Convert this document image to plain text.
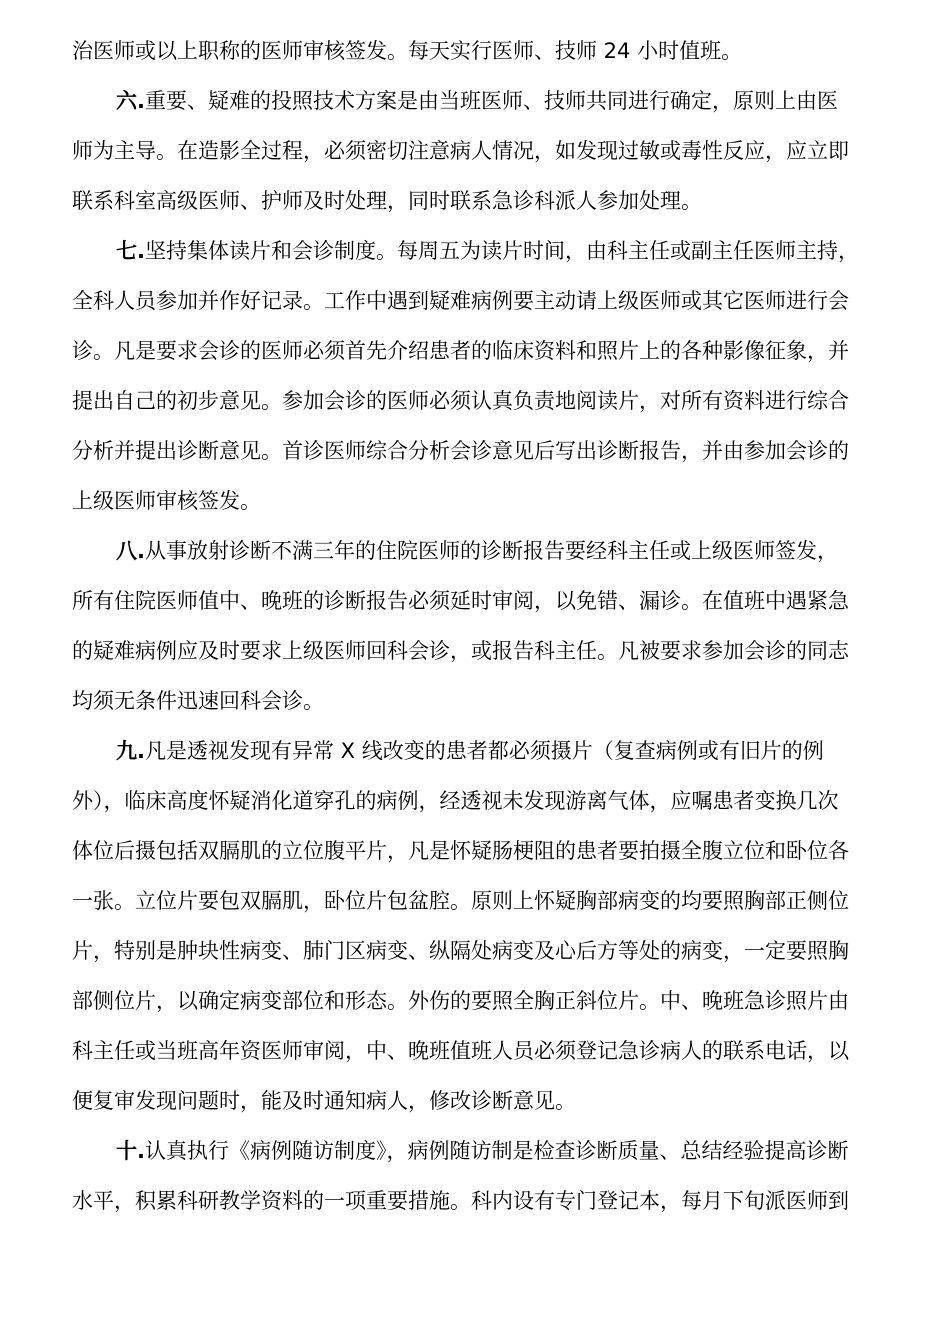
治医师或以上职称的医师审核签发。每天实行医师、技师 24 小时值班。
六.重要、疑难的投照技术方案是由当班医师、技师共同进行确定，原则上由医
师为主导。在造影全过程，必须密切注意病人情况，如发现过敏或毒性反应，应立即
联系科室高级医师、护师及时处理，同时联系急诊科派人参加处理。
七.坚持集体读片和会诊制度。每周五为读片时间，由科主任或副主任医师主持，
全科人员参加并作好记录。工作中遇到疑难病例要主动请上级医师或其它医师进行会
诊。凡是要求会诊的医师必须首先介绍患者的临床资料和照片上的各种影像征象，并
提出自己的初步意见。参加会诊的医师必须认真负责地阅读片，对所有资料进行综合
分析并提出诊断意见。首诊医师综合分析会诊意见后写出诊断报告，并由参加会诊的
上级医师审核签发。
八.从事放射诊断不满三年的住院医师的诊断报告要经科主任或上级医师签发，
所有住院医师值中、晚班的诊断报告必须延时审阅，以免错、漏诊。在值班中遇紧急
的疑难病例应及时要求上级医师回科会诊，或报告科主任。凡被要求参加会诊的同志
均须无条件迅速回科会诊。
九.凡是透视发现有异常 X 线改变的患者都必须摄片（复查病例或有旧片的例
外），临床高度怀疑消化道穿孔的病例，经透视未发现游离气体，应嘱患者变换几次
体位后摄包括双膈肌的立位腹平片，凡是怀疑肠梗阻的患者要拍摄全腹立位和卧位各
一张。立位片要包双膈肌，卧位片包盆腔。原则上怀疑胸部病变的均要照胸部正侧位
片，特别是肿块性病变、肺门区病变、纵隔处病变及心后方等处的病变，一定要照胸
部侧位片，以确定病变部位和形态。外伤的要照全胸正斜位片。中、晚班急诊照片由
科主任或当班高年资医师审阅，中、晚班值班人员必须登记急诊病人的联系电话，以
便复审发现问题时，能及时通知病人，修改诊断意见。
十.认真执行《病例随访制度》，病例随访制是检查诊断质量、总结经验提高诊断
水平，积累科研教学资料的一项重要措施。科内设有专门登记本，每月下旬派医师到
